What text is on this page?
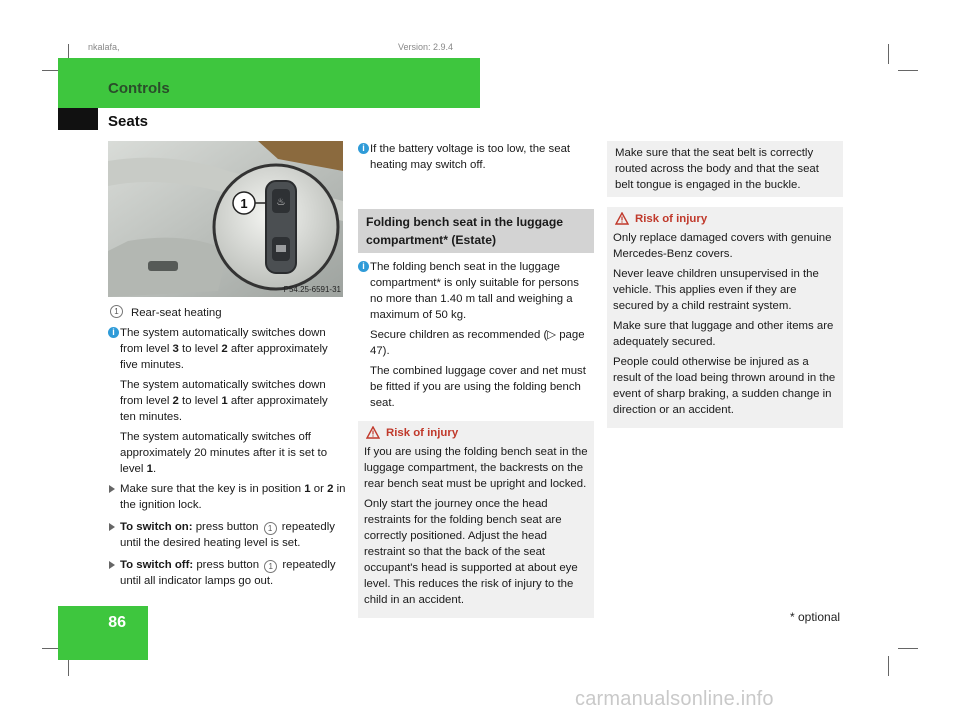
nkalafa,	Version: 2.9.4
Controls
Seats
♨
1
P54.25-6591-31

1	Rear-seat heating

i The system automatically switches down from level 3 to level 2 after approximately five minutes.

The system automatically switches down from level 2 to level 1 after approximately ten minutes.

The system automatically switches off approximately 20 minutes after it is set to level 1.

Make sure that the key is in position 1 or 2 in the ignition lock.
To switch on: press button 1 repeatedly until the desired heating level is set.
To switch off: press button 1 repeatedly until all indicator lamps go out.

i If the battery voltage is too low, the seat heating may switch off.

Folding bench seat in the luggage compartment* (Estate)

i The folding bench seat in the luggage compartment* is only suitable for persons no more than 1.40 m tall and weighing a maximum of 50 kg.

Secure children as recommended (▷ page 47).

The combined luggage cover and net must be fitted if you are using the folding bench seat.

Risk of injury

If you are using the folding bench seat in the luggage compartment, the backrests on the rear bench seat must be upright and locked.

Only start the journey once the head restraints for the folding bench seat are correctly positioned. Adjust the head restraint so that the back of the seat occupant's head is supported at about eye level. This reduces the risk of injury to the child in an accident.

Make sure that the seat belt is correctly routed across the body and that the seat belt tongue is engaged in the buckle.
Risk of injury

Only replace damaged covers with genuine Mercedes-Benz covers.

Never leave children unsupervised in the vehicle. This applies even if they are secured by a child restraint system.

Make sure that luggage and other items are adequately secured.

People could otherwise be injured as a result of the load being thrown around in the event of sharp braking, a sudden change in direction or an accident.

86	* optional
carmanualsonline.info
